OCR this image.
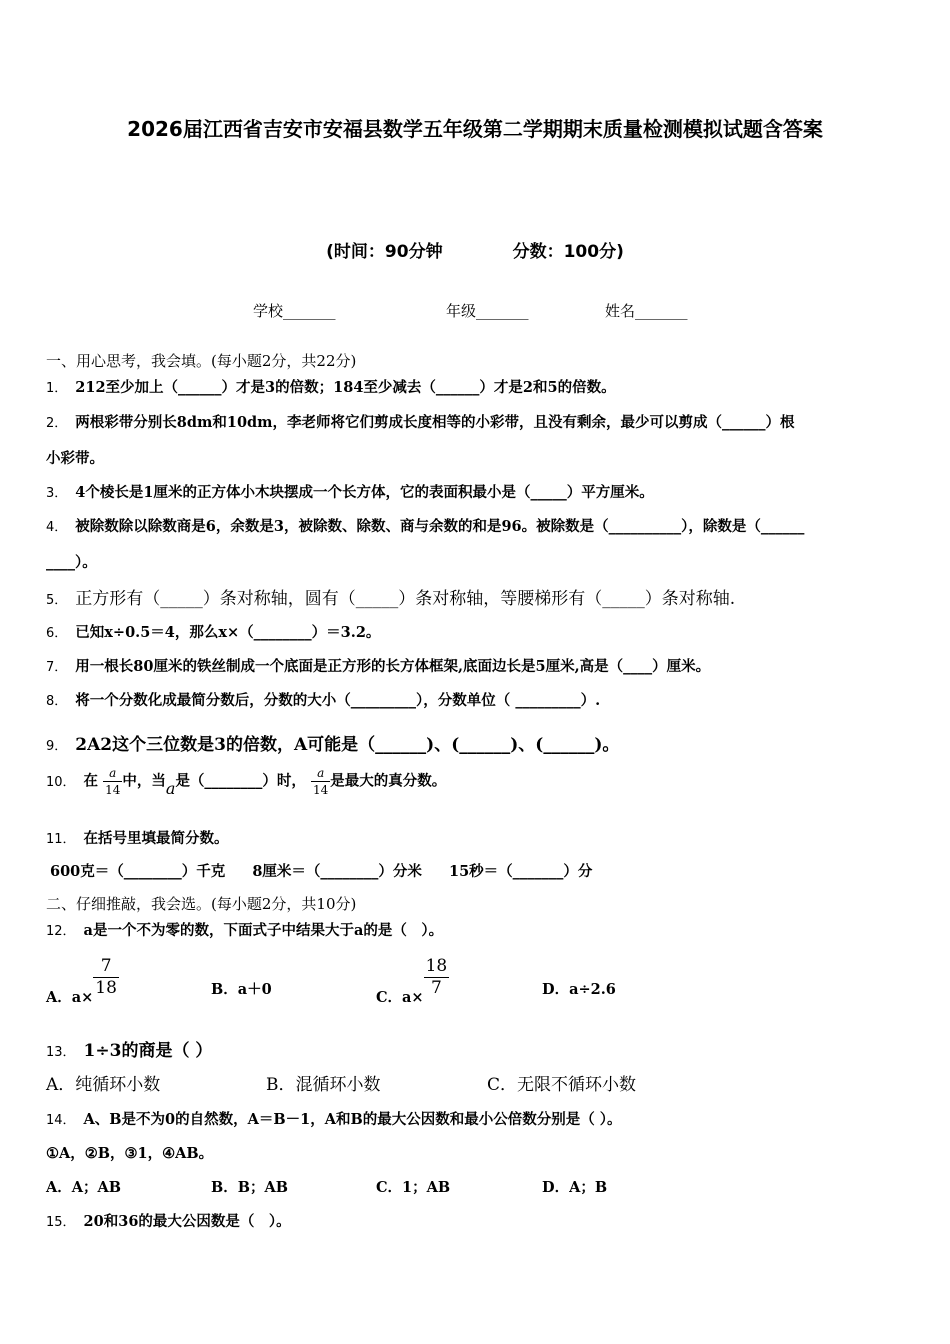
2026届江西省吉安市安福县数学五年级第二学期期末质量检测模拟试题含答案
(时间：90分钟	分数：100分)
学校_______	年级_______	姓名_______
一、用心思考，我会填。(每小题2分，共22分)
1． 212至少加上（______）才是3的倍数；184至少减去（______）才是2和5的倍数。
2． 两根彩带分别长8dm和10dm，李老师将它们剪成长度相等的小彩带，且没有剩余，最少可以剪成（______）根
小彩带。
3． 4个棱长是1厘米的正方体小木块摆成一个长方体，它的表面积最小是（_____）平方厘米。
4． 被除数除以除数商是6，余数是3，被除数、除数、商与余数的和是96。被除数是（__________），除数是（______
____）。
5． 正方形有（_____）条对称轴，圆有（_____）条对称轴，等腰梯形有（_____）条对称轴.
6． 已知x÷0.5＝4，那么x×（________）＝3.2。
7． 用一根长80厘米的铁丝制成一个底面是正方形的长方体框架,底面边长是5厘米,高是（____）厘米。
8． 将一个分数化成最简分数后，分数的大小（_________），分数单位（ _________）.
9． 2A2这个三位数是3的倍数，A可能是（______)、(______)、(______)。
10． 在 $\frac{a}{14}$ 中，当a是（________）时， $\frac{a}{14}$ 是最大的真分数。
11． 在括号里填最简分数。
600克＝（________）千克 8厘米＝（________）分米 15秒＝（_______）分
二、仔细推敲，我会选。(每小题2分，共10分)
12． a是一个不为零的数，下面式子中结果大于a的是（　）。
A．$a\times \frac{7}{18}$	B．a＋0	C．$a\times \frac{18}{7}$	D．a÷2.6
13． 1÷3的商是（ ）
A．纯循环小数	B．混循环小数	C．无限不循环小数
14． A、B是不为0的自然数，A＝B－1，A和B的最大公因数和最小公倍数分别是（ ）。
①A，②B，③1，④AB。
A．A；AB	B．B；AB	C．1；AB	D．A；B
15． 20和36的最大公因数是（　）。
